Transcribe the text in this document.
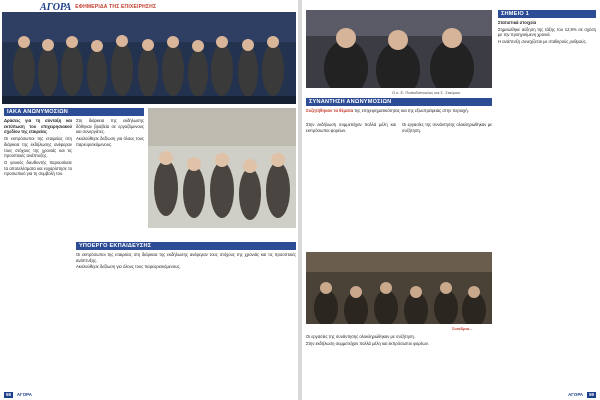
ΑΓΟΡΑ ΕΦΗΜΕΡΙΔΑ ΤΗΣ ΕΠΙΧΕΙΡΗΣΗΣ
ΙΑΚΑ ΑΝΩΝΥΜΟΣΙΩΝ

Δράσεις για τη σύνταξη και εκτύπωση του επιχειρησιακού σχεδίου της εταιρείας

Οι εκπρόσωποι της εταιρείας στη διάρκεια της εκδήλωσης ανέφεραν τους στόχους της χρονιάς και τις προοπτικές ανάπτυξης.

Ο γενικός διευθυντής παρουσίασε τα αποτελέσματα και ευχαρίστησε το προσωπικό για τη συμβολή του.

Στη διάρκεια της εκδήλωσης δόθηκαν βραβεία σε εργαζόμενους και συνεργάτες.

Ακολούθησε δεξίωση για όλους τους παρευρισκόμενους.

ΥΠΟΕΡΓΟ ΕΚΠΑΙΔΕΥΣΗΣ

Οι εκπρόσωποι της εταιρείας στη διάρκεια της εκδήλωσης ανέφεραν τους στόχους της χρονιάς και τις προοπτικές ανάπτυξης.

Ακολούθησε δεξίωση για όλους τους παρευρισκόμενους.

58	ΑΓΟΡΑ
Ο κ. Ε. Παπαδόπουλος και Σ. Σταύρου
ΣΥΝΑΝΤΗΣΗ ΑΝΩΝΥΜΟΣΙΩΝ
Συζητήθηκαν τα θέματα της επιχειρηματικότητας και της εξωστρέφειας στην περιοχή.

Στην εκδήλωση συμμετείχαν πολλά μέλη και εκπρόσωποι φορέων.

Οι εργασίες της συνάντησης ολοκληρώθηκαν με συζήτηση.

Συνέδριο...

Οι εργασίες της συνάντησης ολοκληρώθηκαν με συζήτηση.

Στην εκδήλωση συμμετείχαν πολλά μέλη και εκπρόσωποι φορέων.

ΣΗΜΕΙΟ 1

Στατιστικά στοιχεία

Σημειώθηκε αύξηση της τάξης του 12,9% σε σχέση με την προηγούμενη χρονιά.

Η ανάπτυξη συνεχίζεται με σταθερούς ρυθμούς.

ΑΓΟΡΑ	59
